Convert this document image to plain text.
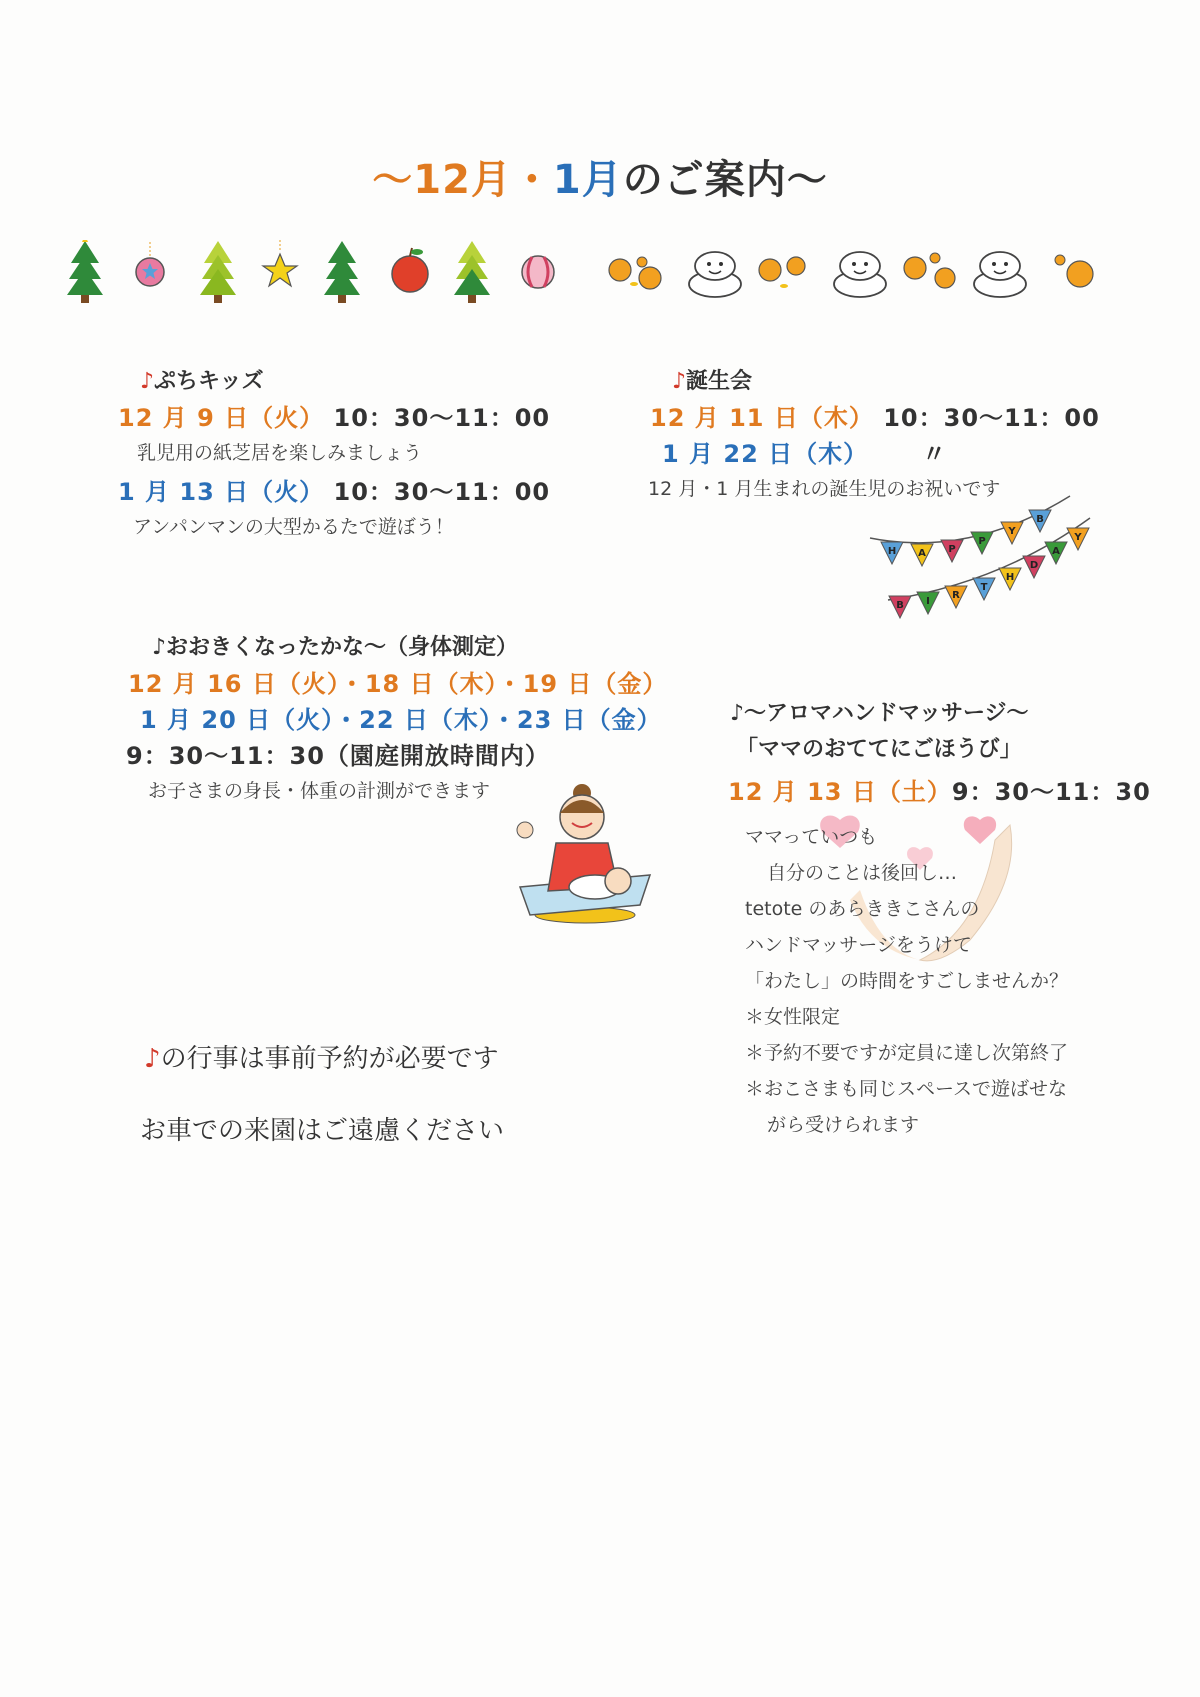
～12月・1月のご案内～
♪ぷちキッズ
12 月 9 日（火） 10：30～11：00
乳児用の紙芝居を楽しみましょう
1 月 13 日（火） 10：30～11：00
アンパンマンの大型かるたで遊ぼう！
♪誕生会
12 月 11 日（木） 10：30～11：00
1 月 22 日（木） 〃
12 月・1 月生まれの誕生児のお祝いです
H A P
P
Y
B
B I
R
T
H
D
A
Y
♪おおきくなったかな～（身体測定）
12 月 16 日（火）・18 日（木）・19 日（金）
1 月 20 日（火）・22 日（木）・23 日（金）
9：30～11：30（園庭開放時間内）
お子さまの身長・体重の計測ができます
♪～アロマハンドマッサージ～
「ママのおててにごほうび」
12 月 13 日（土）9：30～11：30
ママっていつも
自分のことは後回し…
tetote のあらききこさんの
ハンドマッサージをうけて
「わたし」の時間をすごしませんか？
＊女性限定
＊予約不要ですが定員に達し次第終了
＊おこさまも同じスペースで遊ばせな
がら受けられます
♪の行事は事前予約が必要です
お車での来園はご遠慮ください
